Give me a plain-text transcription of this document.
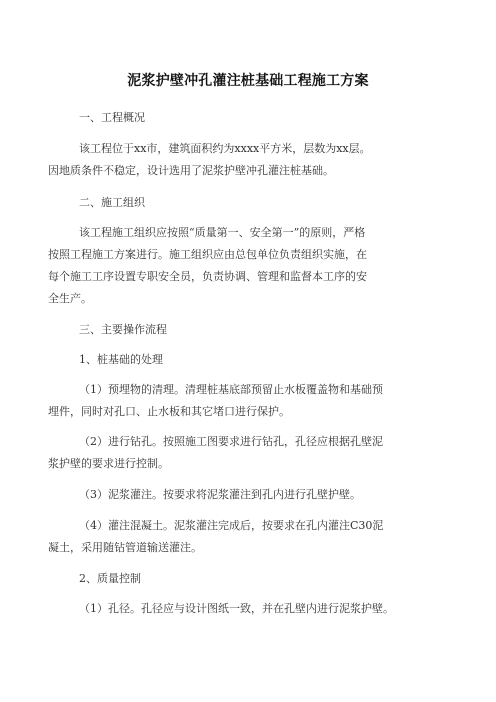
泥浆护壁冲孔灌注桩基础工程施工方案
一、工程概况
该工程位于xx市，建筑面积约为xxxx平方米，层数为xx层。
因地质条件不稳定，设计选用了泥浆护壁冲孔灌注桩基础。
二、施工组织
该工程施工组织应按照“质量第一、安全第一”的原则，严格
按照工程施工方案进行。施工组织应由总包单位负责组织实施，在
每个施工工序设置专职安全员，负责协调、管理和监督本工序的安
全生产。
三、主要操作流程
1、桩基础的处理
（1）预埋物的清理。清理桩基底部预留止水板覆盖物和基础预
埋件，同时对孔口、止水板和其它堵口进行保护。
（2）进行钻孔。按照施工图要求进行钻孔，孔径应根据孔壁泥
浆护壁的要求进行控制。
（3）泥浆灌注。按要求将泥浆灌注到孔内进行孔壁护壁。
（4）灌注混凝土。泥浆灌注完成后，按要求在孔内灌注C30泥
凝土，采用随钻管道输送灌注。
2、质量控制
（1）孔径。孔径应与设计图纸一致，并在孔壁内进行泥浆护壁。
